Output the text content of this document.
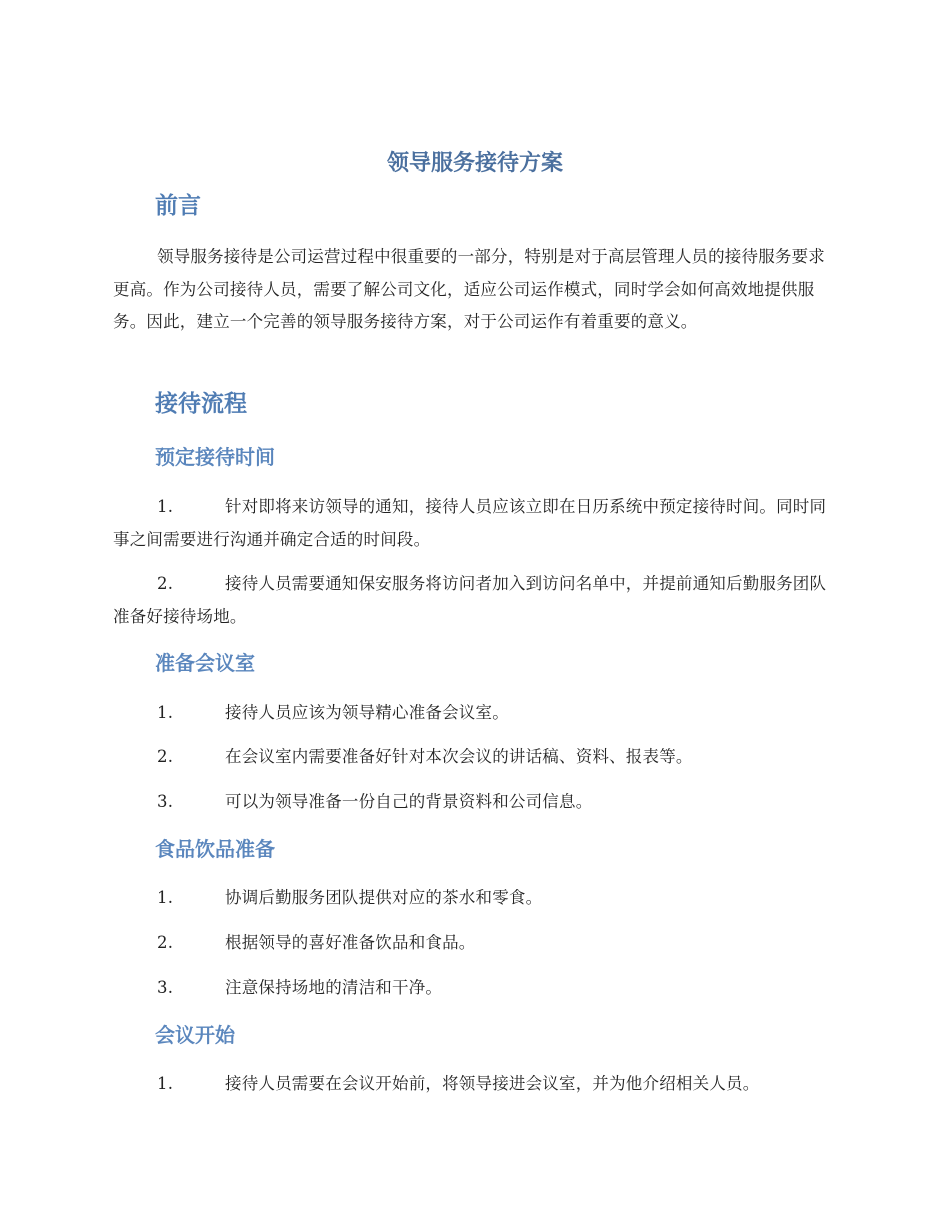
领导服务接待方案
前言

领导服务接待是公司运营过程中很重要的一部分，特别是对于高层管理人员的接待服务要求更高。作为公司接待人员，需要了解公司文化，适应公司运作模式，同时学会如何高效地提供服务。因此，建立一个完善的领导服务接待方案，对于公司运作有着重要的意义。

接待流程
预定接待时间

1.	针对即将来访领导的通知，接待人员应该立即在日历系统中预定接待时间。同时同事之间需要进行沟通并确定合适的时间段。

2.	接待人员需要通知保安服务将访问者加入到访问名单中，并提前通知后勤服务团队准备好接待场地。

准备会议室

1.	接待人员应该为领导精心准备会议室。

2.	在会议室内需要准备好针对本次会议的讲话稿、资料、报表等。

3.	可以为领导准备一份自己的背景资料和公司信息。

食品饮品准备

1.	协调后勤服务团队提供对应的茶水和零食。

2.	根据领导的喜好准备饮品和食品。

3.	注意保持场地的清洁和干净。

会议开始

1.	接待人员需要在会议开始前，将领导接进会议室，并为他介绍相关人员。
